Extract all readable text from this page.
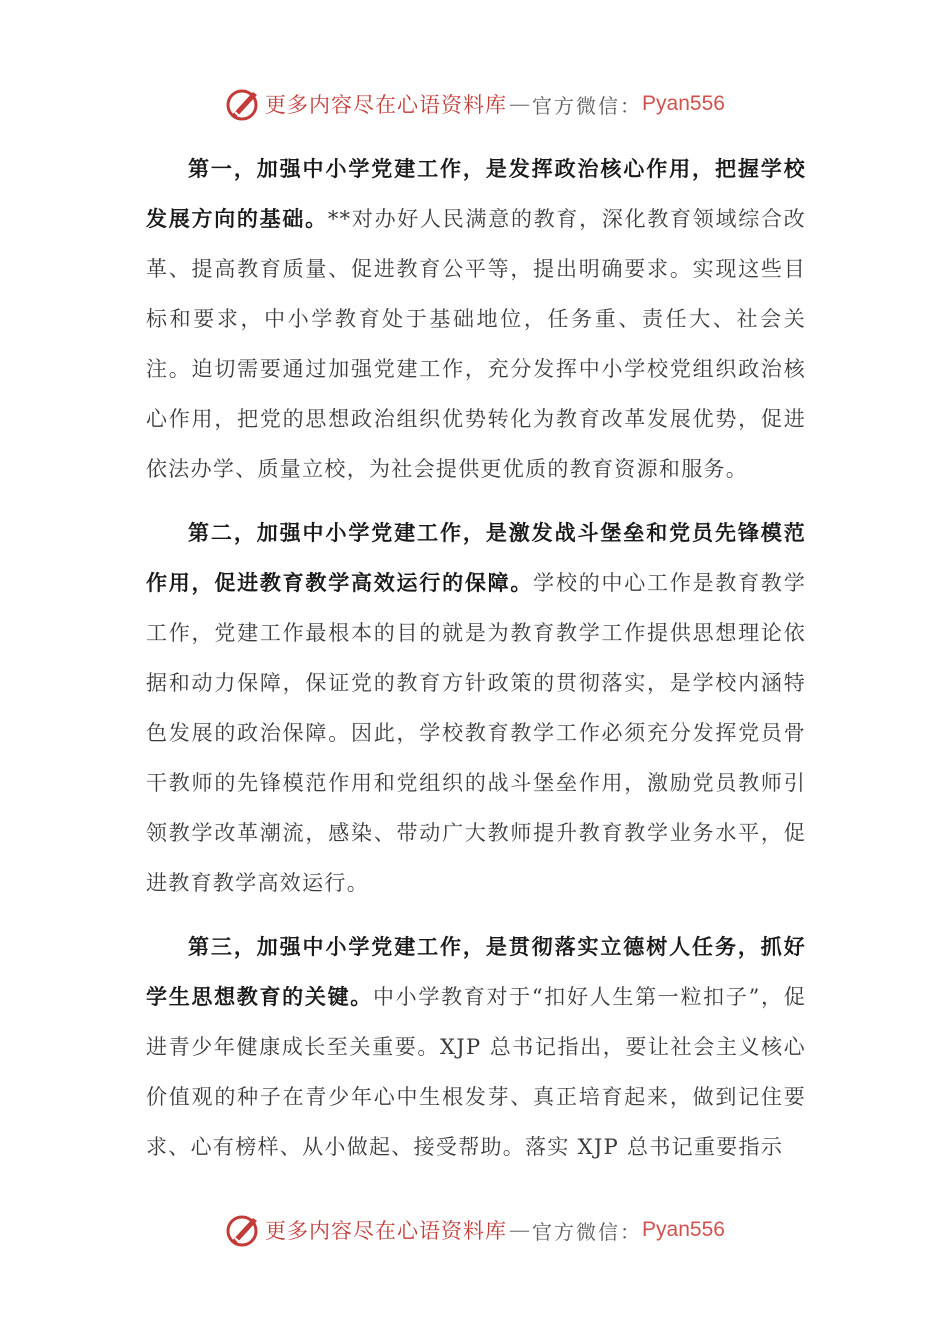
更多内容尽在心语资料库 — 官方微信： Pyan556

第一，加强中小学党建工作，是发挥政治核心作用，把握学校发展方向的基础。**对办好人民满意的教育，深化教育领域综合改革、提高教育质量、促进教育公平等，提出明确要求。实现这些目标和要求，中小学教育处于基础地位，任务重、责任大、社会关注。迫切需要通过加强党建工作，充分发挥中小学校党组织政治核心作用，把党的思想政治组织优势转化为教育改革发展优势，促进依法办学、质量立校，为社会提供更优质的教育资源和服务。

第二，加强中小学党建工作，是激发战斗堡垒和党员先锋模范作用，促进教育教学高效运行的保障。学校的中心工作是教育教学工作，党建工作最根本的目的就是为教育教学工作提供思想理论依据和动力保障，保证党的教育方针政策的贯彻落实，是学校内涵特色发展的政治保障。因此，学校教育教学工作必须充分发挥党员骨干教师的先锋模范作用和党组织的战斗堡垒作用，激励党员教师引领教学改革潮流，感染、带动广大教师提升教育教学业务水平，促进教育教学高效运行。

第三，加强中小学党建工作，是贯彻落实立德树人任务，抓好学生思想教育的关键。中小学教育对于“扣好人生第一粒扣子”，促进青少年健康成长至关重要。XJP 总书记指出，要让社会主义核心价值观的种子在青少年心中生根发芽、真正培育起来，做到记住要求、心有榜样、从小做起、接受帮助。落实 XJP 总书记重要指示

更多内容尽在心语资料库 — 官方微信： Pyan556
